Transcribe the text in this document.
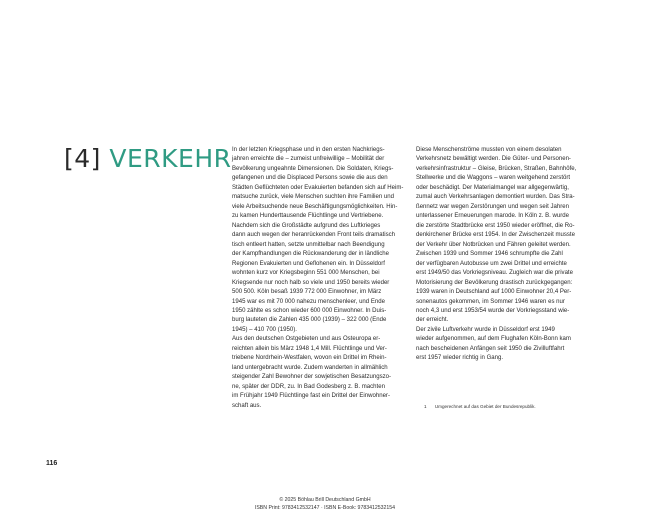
[4] VERKEHR In der letzten Kriegsphase und in den ersten Nachkriegs-

jahren erreichte die – zumeist unfreiwillige – Mobilität der

Bevölkerung ungeahnte Dimensionen. Die Soldaten, Kriegs-

gefangenen und die Displaced Persons sowie die aus den

Städten Geflüchteten oder Evakuierten befanden sich auf Heim-

matsuche zurück, viele Menschen suchten ihre Familien und

viele Arbeitsuchende neue Beschäftigungsmöglichkeiten. Hin-

zu kamen Hunderttausende Flüchtlinge und Vertriebene.

Nachdem sich die Großstädte aufgrund des Luftkrieges

dann auch wegen der heranrückenden Front teils dramatisch

tisch entleert hatten, setzte unmittelbar nach Beendigung

der Kampfhandlungen die Rückwanderung der in ländliche

Regionen Evakuierten und Geflohenen ein. In Düsseldorf

wohnten kurz vor Kriegsbeginn 551 000 Menschen, bei

Kriegsende nur noch halb so viele und 1950 bereits wieder

500 500. Köln besaß 1939 772 000 Einwohner, im März

1945 war es mit 70 000 nahezu menschenleer, und Ende

1950 zählte es schon wieder 600 000 Einwohner. In Duis-

burg lauteten die Zahlen 435 000 (1939) – 322 000 (Ende

1945) – 410 700 (1950).

Aus den deutschen Ostgebieten und aus Osteuropa er-

reichten allein bis März 1948 1,4 Mill. Flüchtlinge und Ver-

triebene Nordrhein-Westfalen, wovon ein Drittel im Rhein-

land untergebracht wurde. Zudem wanderten in allmählich

steigender Zahl Bewohner der sowjetischen Besatzungszo-

ne, später der DDR, zu. In Bad Godesberg z. B. machten

im Frühjahr 1949 Flüchtlinge fast ein Drittel der Einwohner-

schaft aus.

Diese Menschenströme mussten von einem desolaten

Verkehrsnetz bewältigt werden. Die Güter- und Personen-

verkehrsinfrastruktur – Gleise, Brücken, Straßen, Bahnhöfe,

Stellwerke und die Waggons – waren weitgehend zerstört

oder beschädigt. Der Materialmangel war allgegenwärtig,

zumal auch Verkehrsanlagen demontiert wurden. Das Stra-

ßennetz war wegen Zerstörungen und wegen seit Jahren

unterlassener Erneuerungen marode. In Köln z. B. wurde

die zerstörte Stadtbrücke erst 1950 wieder eröffnet, die Ro-

denkirchener Brücke erst 1954. In der Zwischenzeit musste

der Verkehr über Notbrücken und Fähren geleitet werden.

Zwischen 1939 und Sommer 1946 schrumpfte die Zahl

der verfügbaren Autobusse um zwei Drittel und erreichte

erst 1949/50 das Vorkriegsniveau. Zugleich war die private

Motorisierung der Bevölkerung drastisch zurückgegangen:

1939 waren in Deutschland auf 1000 Einwohner 20,4 Per-

sonenautos gekommen, im Sommer 1946 waren es nur

noch 4,3 und erst 1953/54 wurde der Vorkriegsstand wie-

der erreicht.

Der zivile Luftverkehr wurde in Düsseldorf erst 1949

wieder aufgenommen, auf dem Flughafen Köln-Bonn kam

nach bescheidenen Anfängen seit 1950 die Zivilluftfahrt

erst 1957 wieder richtig in Gang.

1 Umgerechnet auf das Gebiet der Bundesrepublik.
116
© 2025 Böhlau Brill Deutschland GmbH
ISBN Print: 9783412532147 · ISBN E-Book: 9783412532154
